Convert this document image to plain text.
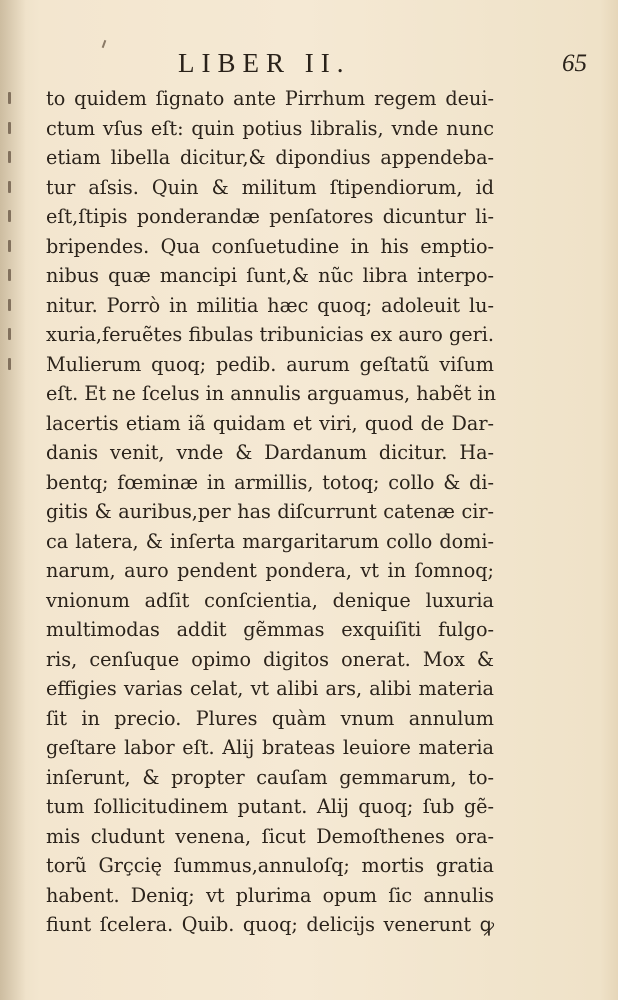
LIBER II.	65
to quidem ſignato ante Pirrhum regem deui-
ctum vſus eſt: quin potius libralis, vnde nunc
etiam libella dicitur,& dipondius appendeba-
tur aſsis. Quin & militum ſtipendiorum, id
eſt,ſtipis ponderandæ penſatores dicuntur li-
bripendes. Qua conſuetudine in his emptio-
nibus quæ mancipi ſunt,& nũc libra interpo-
nitur. Porrò in militia hæc quoq; adoleuit lu-
xuria,feruẽtes fibulas tribunicias ex auro geri.
Mulierum quoq; pedib. aurum geſtatũ viſum
eſt. Et ne ſcelus in annulis arguamus, habẽt in
lacertis etiam iã quidam et viri, quod de Dar-
danis venit, vnde & Dardanum dicitur. Ha-
bentq; fœminæ in armillis, totoq; collo & di-
gitis & auribus,per has diſcurrunt catenæ cir-
ca latera, & inſerta margaritarum collo domi-
narum, auro pendent pondera, vt in ſomnoq;
vnionum adſit conſcientia, denique luxuria
multimodas addit gẽmmas exquiſiti fulgo-
ris, cenſuque opimo digitos onerat. Mox &
effigies varias celat, vt alibi ars, alibi materia
ſit in precio. Plures quàm vnum annulum
geſtare labor eſt. Alij brateas leuiore materia
inſerunt, & propter cauſam gemmarum, to-
tum ſollicitudinem putant. Alij quoq; ſub gẽ-
mis cludunt venena, ſicut Demoſthenes ora-
torũ Grçcię ſummus,annuloſq; mortis gratia
habent. Deniq; vt plurima opum ſic annulis
fiunt ſcelera. Quib. quoq; delicijs venerunt ꝙ
